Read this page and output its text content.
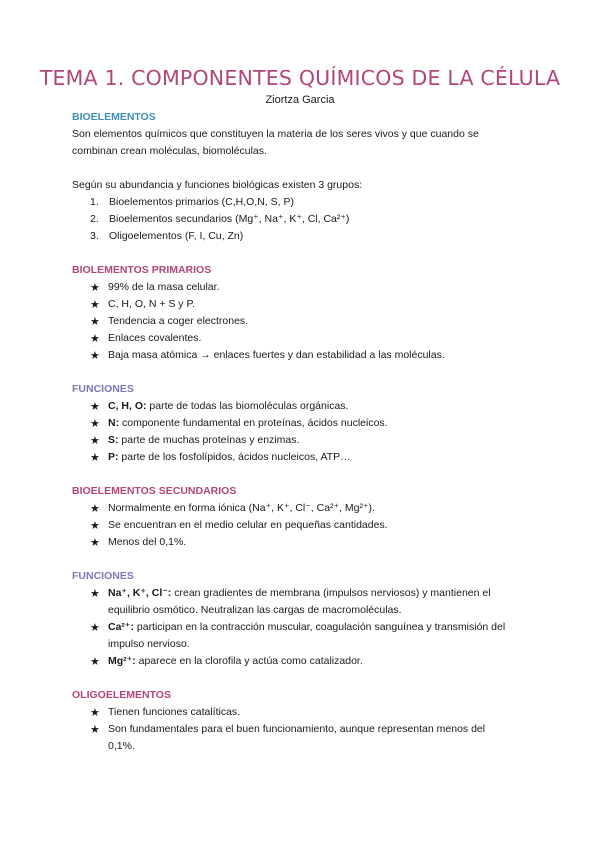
TEMA 1. COMPONENTES QUÍMICOS DE LA CÉLULA
Ziortza Garcia
BIOELEMENTOS
Son elementos químicos que constituyen la materia de los seres vivos y que cuando se
combinan crean moléculas, biomoléculas.
Según su abundancia y funciones biológicas existen 3 grupos:
1. Bioelementos primarios (C,H,O,N, S, P)
2. Bioelementos secundarios (Mg⁺, Na⁺, K⁺, Cl, Ca²⁺)
3. Oligoelementos (F, I, Cu, Zn)
BIOLEMENTOS PRIMARIOS
★ 99% de la masa celular.
★ C, H, O, N + S y P.
★ Tendencia a coger electrones.
★ Enlaces covalentes.
★ Baja masa atómica → enlaces fuertes y dan estabilidad a las moléculas.
FUNCIONES
★ C, H, O: parte de todas las biomoléculas orgánicas.
★ N: componente fundamental en proteínas, ácidos nucleicos.
★ S: parte de muchas proteínas y enzimas.
★ P: parte de los fosfolípidos, ácidos nucleicos, ATP…
BIOELEMENTOS SECUNDARIOS
★ Normalmente en forma iónica (Na⁺, K⁺, Cl⁻, Ca²⁺, Mg²⁺).
★ Se encuentran en el medio celular en pequeñas cantidades.
★ Menos del 0,1%.
FUNCIONES
★ Na⁺, K⁺, Cl⁻: crean gradientes de membrana (impulsos nerviosos) y mantienen el
equilibrio osmótico. Neutralizan las cargas de macromoléculas.
★ Ca²⁺: participan en la contracción muscular, coagulación sanguínea y transmisión del
impulso nervioso.
★ Mg²⁺: aparece en la clorofila y actúa como catalizador.
OLIGOELEMENTOS
★ Tienen funciones catalíticas.
★ Son fundamentales para el buen funcionamiento, aunque representan menos del
0,1%.
